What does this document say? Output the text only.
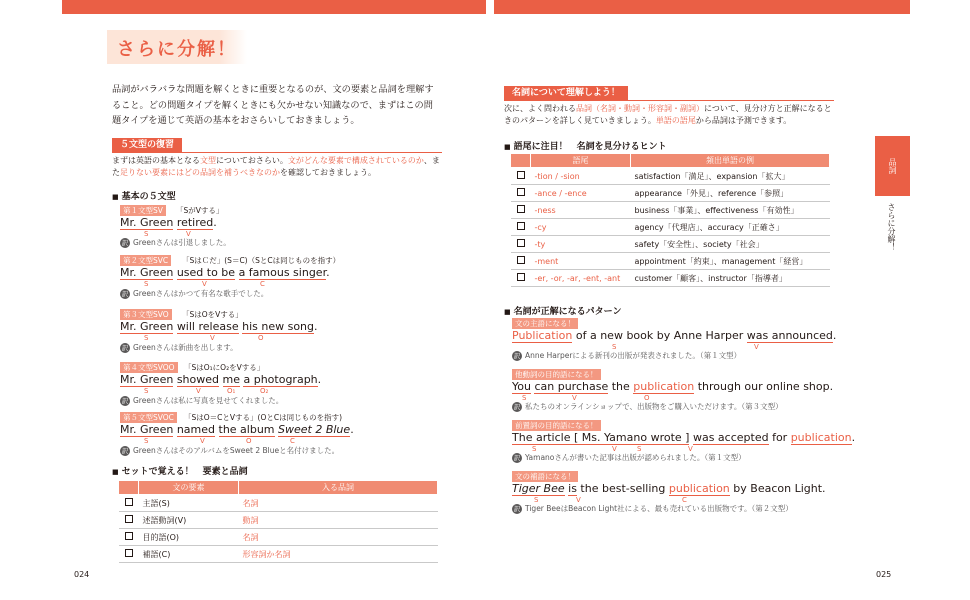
さらに分解！
品詞がバラバラな問題を解くときに重要となるのが、文の要素と品詞を理解すること。どの問題タイプを解くときにも欠かせない知識なので、まずはこの問題タイプを通じて英語の基本をおさらいしておきましょう。
５文型の復習
まずは英語の基本となる文型についておさらい。文がどんな要素で構成されているのか、また足りない要素にはどの品詞を補うべきなのかを確認しておきましょう。
■ 基本の５文型
第１文型SV	「SがVする」
Mr. Green retired.
S	V
訳 Greenさんは引退しました。
第２文型SVC	「SはＣだ」(S＝C)（SとCは同じものを指す）
Mr. Green used to be a famous singer.
S	V	C
訳 Greenさんはかつて有名な歌手でした。
第３文型SVO	「SはOをVする」
Mr. Green will release his new song.
S	V	O
訳 Greenさんは新曲を出します。
第４文型SVOO	「SはO₁にO₂をVする」
Mr. Green showed me a photograph.
S	V	O₁	O₂
訳 Greenさんは私に写真を見せてくれました。
第５文型SVOC	「SはO＝CとVする」(OとCは同じものを指す)
Mr. Green named the album Sweet 2 Blue.
S	V	O	C
訳 GreenさんはそのアルバムをSweet 2 Blueと名付けました。
■ セットで覚える！　要素と品詞
	文の要素	入る品詞
	主語(S)	名詞
	述語動詞(V)	動詞
	目的語(O)	名詞
	補語(C)	形容詞か名詞
024
名詞について理解しよう！
次に、よく問われる品詞（名詞・動詞・形容詞・副詞）について、見分け方と正解になるときのパターンを詳しく見ていきましょう。単語の語尾から品詞は予測できます。
■ 語尾に注目！　名詞を見分けるヒント
	語尾	頻出単語の例
	-tion / -sion	satisfaction「満足」、expansion「拡大」
	-ance / -ence	appearance「外見」、reference「参照」
	-ness	business「事業」、effectiveness「有効性」
	-cy	agency「代理店」、accuracy「正確さ」
	-ty	safety「安全性」、society「社会」
	-ment	appointment「約束」、management「経営」
	-er, -or, -ar, -ent, -ant	customer「顧客」、instructor「指導者」
■ 名詞が正解になるパターン
文の主語になる！
Publication of a new book by Anne Harper was announced.
S	V
訳 Anne Harperによる新刊の出版が発表されました。（第１文型）
他動詞の目的語になる！
You can purchase the publication through our online shop.
S	V	O
訳 私たちのオンラインショップで、出版物をご購入いただけます。（第３文型）
前置詞の目的語になる！
The article [ Ms. Yamano wrote ] was accepted for publication.
S	V	S	V
訳 Yamanoさんが書いた記事は出版が認められました。（第１文型）
文の補語になる！
Tiger Bee is the best-selling publication by Beacon Light.
S	V	C
訳 Tiger BeeはBeacon Light社による、最も売れている出版物です。（第２文型）
品詞
さらに分解！
025
